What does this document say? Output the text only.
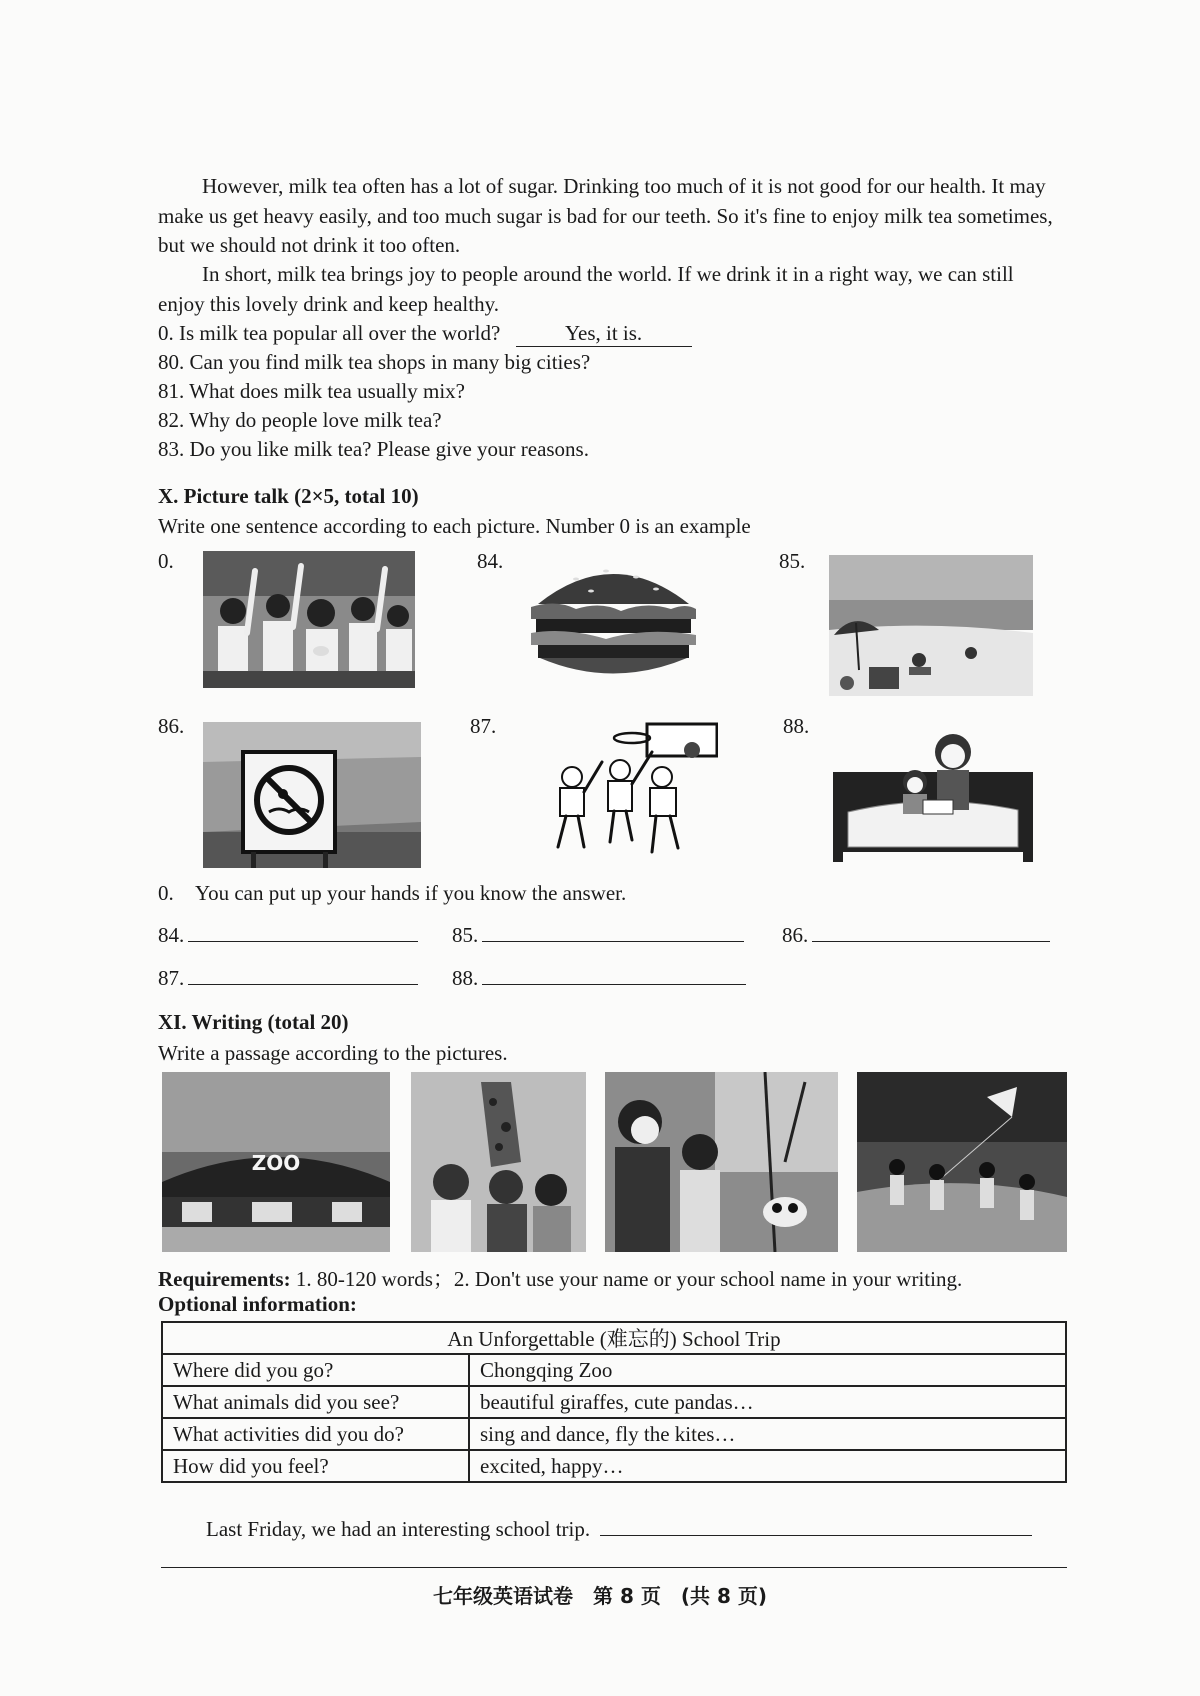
However, milk tea often has a lot of sugar. Drinking too much of it is not good for our health. It may make us get heavy easily, and too much sugar is bad for our teeth. So it's fine to enjoy milk tea sometimes, but we should not drink it too often.
In short, milk tea brings joy to people around the world. If we drink it in a right way, we can still enjoy this lovely drink and keep healthy.
0. Is milk tea popular all over the world?	Yes, it is.
80. Can you find milk tea shops in many big cities?
81. What does milk tea usually mix?
82. Why do people love milk tea?
83. Do you like milk tea? Please give your reasons.
X. Picture talk (2×5, total 10)
Write one sentence according to each picture. Number 0 is an example
0.	84.	85.
86.	87.	88.
0. You can put up your hands if you know the answer.
84.	85.	86.
87.	88.
XI. Writing (total 20)
Write a passage according to the pictures.
ZOO
Requirements: 1. 80-120 words；2. Don't use your name or your school name in your writing.
Optional information:
An Unforgettable (难忘的) School Trip	
Where did you go?	Chongqing Zoo
What animals did you see?	beautiful giraffes, cute pandas…
What activities did you do?	sing and dance, fly the kites…
How did you feel?	excited, happy…
Last Friday, we had an interesting school trip.
七年级英语试卷　第 8 页　(共 8 页)
